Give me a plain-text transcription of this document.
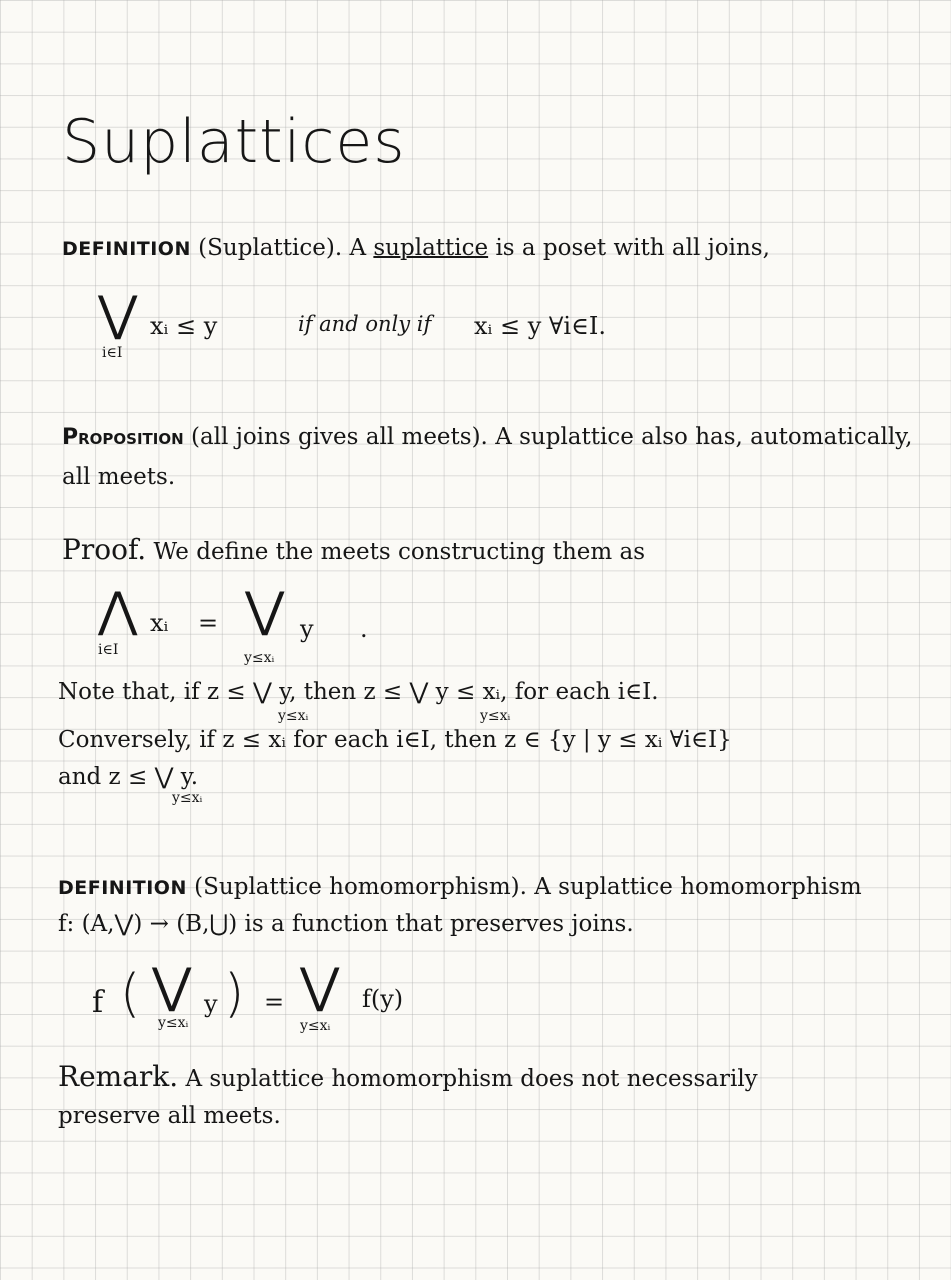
Suplattices
DEFINITION (Suplattice). A suplattice is a poset with all joins,
⋁
i∈I
xᵢ ≤ y	if and only if xᵢ ≤ y ∀i∈I.
Proposition (all joins gives all meets). A suplattice also has, automatically,
all meets.
Proof. We define the meets constructing them as
⋀
i∈I
xᵢ = ⋁
y≤xᵢ
y .
Note that, if z ≤ ⋁ y, then z ≤ ⋁ y ≤ xᵢ, for each i∈I.
y≤xᵢ	y≤xᵢ
Conversely, if z ≤ xᵢ for each i∈I, then z ∈ {y | y ≤ xᵢ ∀i∈I}
and z ≤ ⋁ y.
y≤xᵢ
DEFINITION (Suplattice homomorphism). A suplattice homomorphism
f: (A,⋁) → (B,⋃) is a function that preserves joins.
f ( ⋁
y≤xᵢ
y ) = ⋁
y≤xᵢ
f(y)
Remark. A suplattice homomorphism does not necessarily
preserve all meets.
